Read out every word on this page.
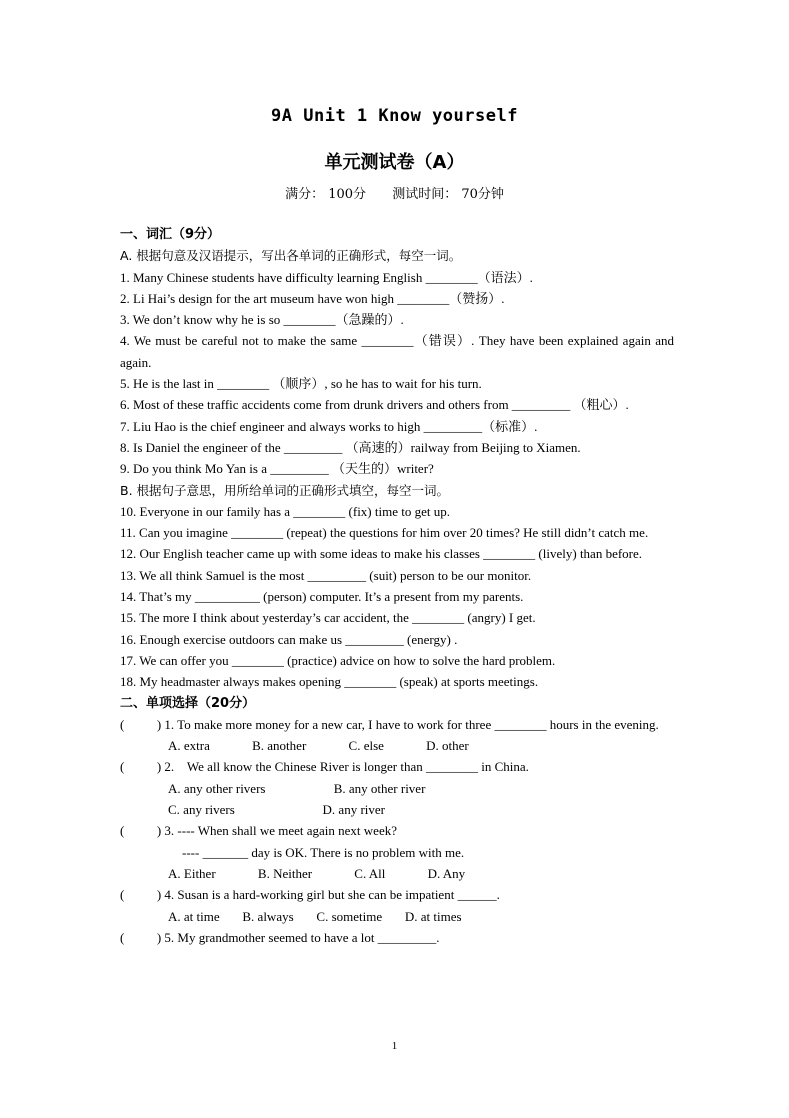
9A Unit 1 Know yourself
单元测试卷（A）
满分： 100分 测试时间： 70分钟
一、词汇（9分）
A. 根据句意及汉语提示，写出各单词的正确形式，每空一词。
1. Many Chinese students have difficulty learning English ________（语法）.
2. Li Hai’s design for the art museum have won high ________（赞扬）.
3. We don’t know why he is so ________（急躁的）.
4. We must be careful not to make the same ________（错误）. They have been explained again and again.
5. He is the last in ________ （顺序）, so he has to wait for his turn.
6. Most of these traffic accidents come from drunk drivers and others from _________ （粗心）.
7. Liu Hao is the chief engineer and always works to high _________（标准）.
8. Is Daniel the engineer of the _________ （高速的）railway from Beijing to Xiamen.
9. Do you think Mo Yan is a _________ （天生的）writer?
B. 根据句子意思，用所给单词的正确形式填空，每空一词。
10. Everyone in our family has a ________ (fix) time to get up.
11. Can you imagine ________ (repeat) the questions for him over 20 times? He still didn’t catch me.
12. Our English teacher came up with some ideas to make his classes ________ (lively) than before.
13. We all think Samuel is the most _________ (suit) person to be our monitor.
14. That’s my __________ (person) computer. It’s a present from my parents.
15. The more I think about yesterday’s car accident, the ________ (angry) I get.
16. Enough exercise outdoors can make us _________ (energy) .
17. We can offer you ________ (practice) advice on how to solve the hard problem.
18. My headmaster always makes opening ________ (speak) at sports meetings.
二、单项选择（20分）
(          ) 1. To make more money for a new car, I have to work for three ________ hours in the evening.
A. extra             B. another             C. else             D. other
(          ) 2.    We all know the Chinese River is longer than ________ in China.
A. any other rivers                     B. any other river
C. any rivers                           D. any river
(          ) 3. ---- When shall we meet again next week?
---- _______ day is OK. There is no problem with me.
A. Either             B. Neither             C. All             D. Any
(          ) 4. Susan is a hard-working girl but she can be impatient ______.
A. at time       B. always       C. sometime       D. at times
(          ) 5. My grandmother seemed to have a lot _________.
1
